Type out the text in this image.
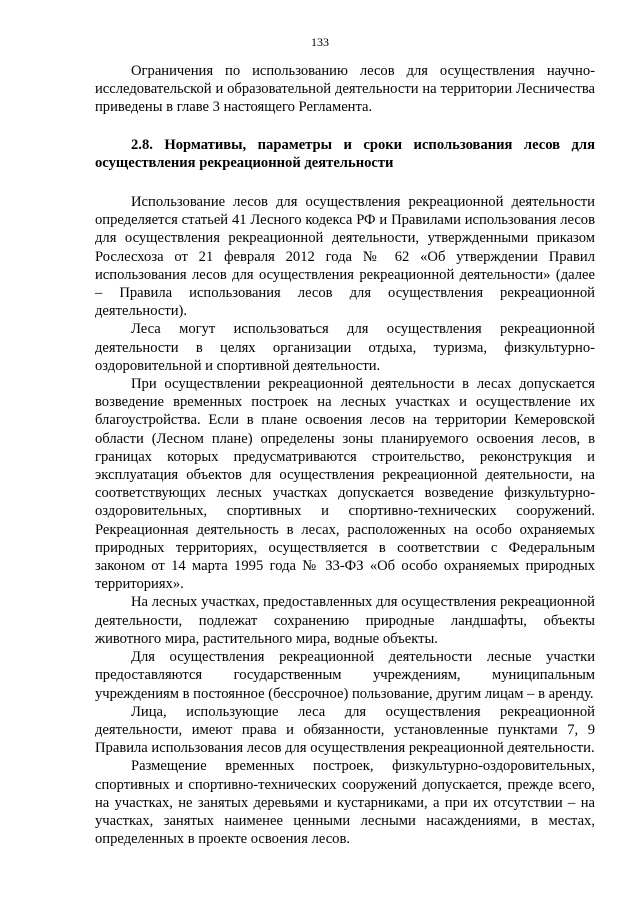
133

Ограничения по использованию лесов для осуществления научно-исследовательской и образовательной деятельности на территории Лесничества приведены в главе 3 настоящего Регламента.

2.8. Нормативы, параметры и сроки использования лесов для осуществления рекреационной деятельности

Использование лесов для осуществления рекреационной деятельности определяется статьей 41 Лесного кодекса РФ и Правилами использования лесов для осуществления рекреационной деятельности, утвержденными приказом Рослесхоза от 21 февраля 2012 года № 62 «Об утверждении Правил использования лесов для осуществления рекреационной деятельности» (далее – Правила использования лесов для осуществления рекреационной деятельности).

Леса могут использоваться для осуществления рекреационной деятельности в целях организации отдыха, туризма, физкультурно-оздоровительной и спортивной деятельности.

При осуществлении рекреационной деятельности в лесах допускается возведение временных построек на лесных участках и осуществление их благоустройства. Если в плане освоения лесов на территории Кемеровской области (Лесном плане) определены зоны планируемого освоения лесов, в границах которых предусматриваются строительство, реконструкция и эксплуатация объектов для осуществления рекреационной деятельности, на соответствующих лесных участках допускается возведение физкультурно-оздоровительных, спортивных и спортивно-технических сооружений. Рекреационная деятельность в лесах, расположенных на особо охраняемых природных территориях, осуществляется в соответствии с Федеральным законом от 14 марта 1995 года № 33-ФЗ «Об особо охраняемых природных территориях».

На лесных участках, предоставленных для осуществления рекреационной деятельности, подлежат сохранению природные ландшафты, объекты животного мира, растительного мира, водные объекты.

Для осуществления рекреационной деятельности лесные участки предоставляются государственным учреждениям, муниципальным учреждениям в постоянное (бессрочное) пользование, другим лицам – в аренду.

Лица, использующие леса для осуществления рекреационной деятельности, имеют права и обязанности, установленные пунктами 7, 9 Правила использования лесов для осуществления рекреационной деятельности.

Размещение временных построек, физкультурно-оздоровительных, спортивных и спортивно-технических сооружений допускается, прежде всего, на участках, не занятых деревьями и кустарниками, а при их отсутствии – на участках, занятых наименее ценными лесными насаждениями, в местах, определенных в проекте освоения лесов.
